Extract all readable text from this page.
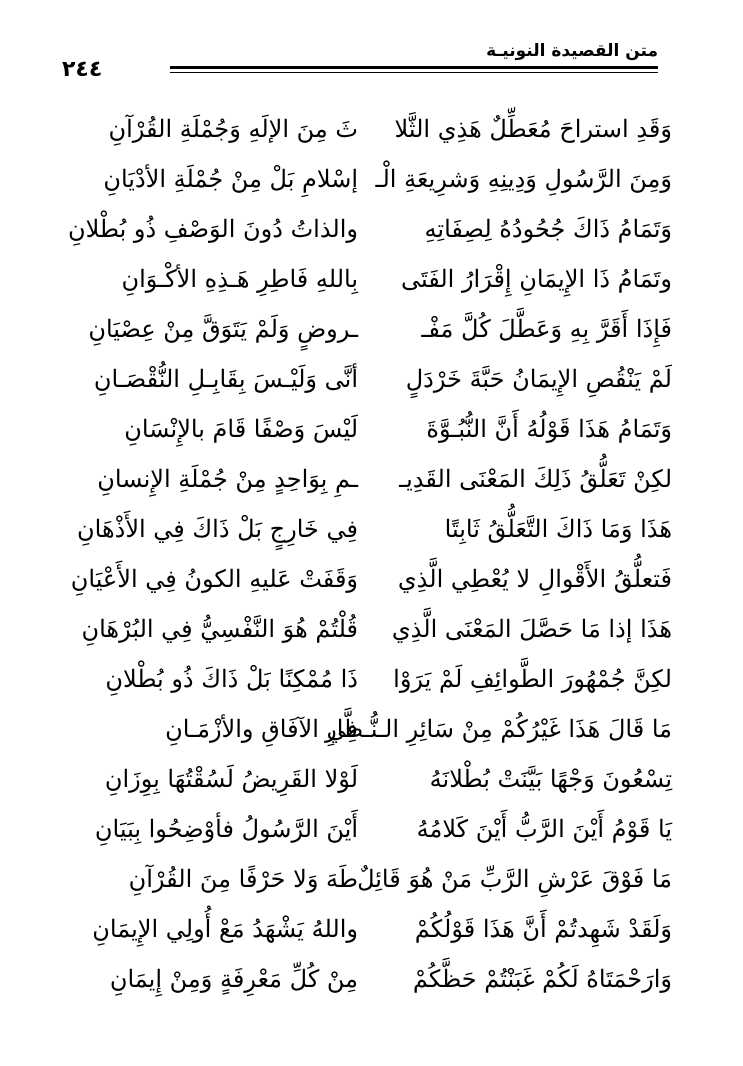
متن القصيدة النونيـة
٢٤٤
وَقَدِ استراحَ مُعَطِّلٌ هَذِي الثَّلا
ثَ مِنَ الإلَهِ وَجُمْلَةِ القُرْآنِ
وَمِنَ الرَّسُولِ وَدِينِهِ وَشرِيعَةِ الْـ
إسْلامِ بَلْ مِنْ جُمْلَةِ الأدْيَانِ
وَتَمَامُ ذَاكَ جُحُودُهُ لِصِفَاتِهِ
والذاتُ دُونَ الوَصْفِ ذُو بُطْلانِ
وتَمَامُ ذَا الإِيمَانِ إِقْرَارُ الفَتَى
بِاللهِ فَاطِرِ هَـذِهِ الأكْـوَانِ
فَإِذَا أَقَرَّ بِهِ وَعَطَّلَ كُلَّ مَفْـ
ـروضٍ وَلَمْ يَتَوَقَّ مِنْ عِصْيَانِ
لَمْ يَنْقُصِ الإِيمَانُ حَبَّةَ خَرْدَلٍ
أنَّى وَلَيْـسَ بِقَابِـلِ النُّقْصَـانِ
وَتَمَامُ هَذَا قَوْلُهُ أَنَّ النُّبُـوَّةَ
لَيْسَ وَصْفًا قَامَ بالإِنْسَانِ
لكِنْ تَعَلُّقُ ذَلِكَ المَعْنَى القَدِيـ
ـمِ بِوَاحِدٍ مِنْ جُمْلَةِ الإِنسانِ
هَذَا وَمَا ذَاكَ التَّعَلُّقُ ثَابِتًا
فِي خَارِجٍ بَلْ ذَاكَ فِي الأَذْهَانِ
فَتعلُّقُ الأَقْوالِ لا يُعْطِي الَّذِي
وَقَفَتْ عَليهِ الكونُ فِي الأَعْيَانِ
هَذَا إذا مَا حَصَّلَ المَعْنَى الَّذِي
قُلْتُمْ هُوَ النَّفْسِيُّ فِي البُرْهَانِ
لكِنَّ جُمْهُورَ الطَّوائِفِ لَمْ يَرَوْا
ذَا مُمْكِنًا بَلْ ذَاكَ ذُو بُطْلانِ
مَا قَالَ هَذَا غَيْرُكُمْ مِنْ سَائِرِ الـنُّـظَّارِ
فِي الآفَاقِ والأزْمَـانِ
تِسْعُونَ وَجْهًا بَيَّنَتْ بُطْلانَهُ
لَوْلا القَرِيضُ لَسُقْتُهَا بِوِزَانِ
يَا قَوْمُ أَيْنَ الرَّبُّ أَيْنَ كَلامُهُ
أَيْنَ الرَّسُولُ فأوْضِحُوا بِبَيَانِ
مَا فَوْقَ عَرْشِ الرَّبِّ مَنْ هُوَ قَائِلٌ
طَهَ وَلا حَرْفًا مِنَ القُرْآنِ
وَلَقَدْ شَهِدتُمْ أَنَّ هَذَا قَوْلُكُمْ
واللهُ يَشْهَدُ مَعْ أُولِي الإِيمَانِ
وَارَحْمَتَاهُ لَكُمْ غَبَنْتُمْ حَظَّكُمْ
مِنْ كُلِّ مَعْرِفَةٍ وَمِنْ إِيمَانِ
